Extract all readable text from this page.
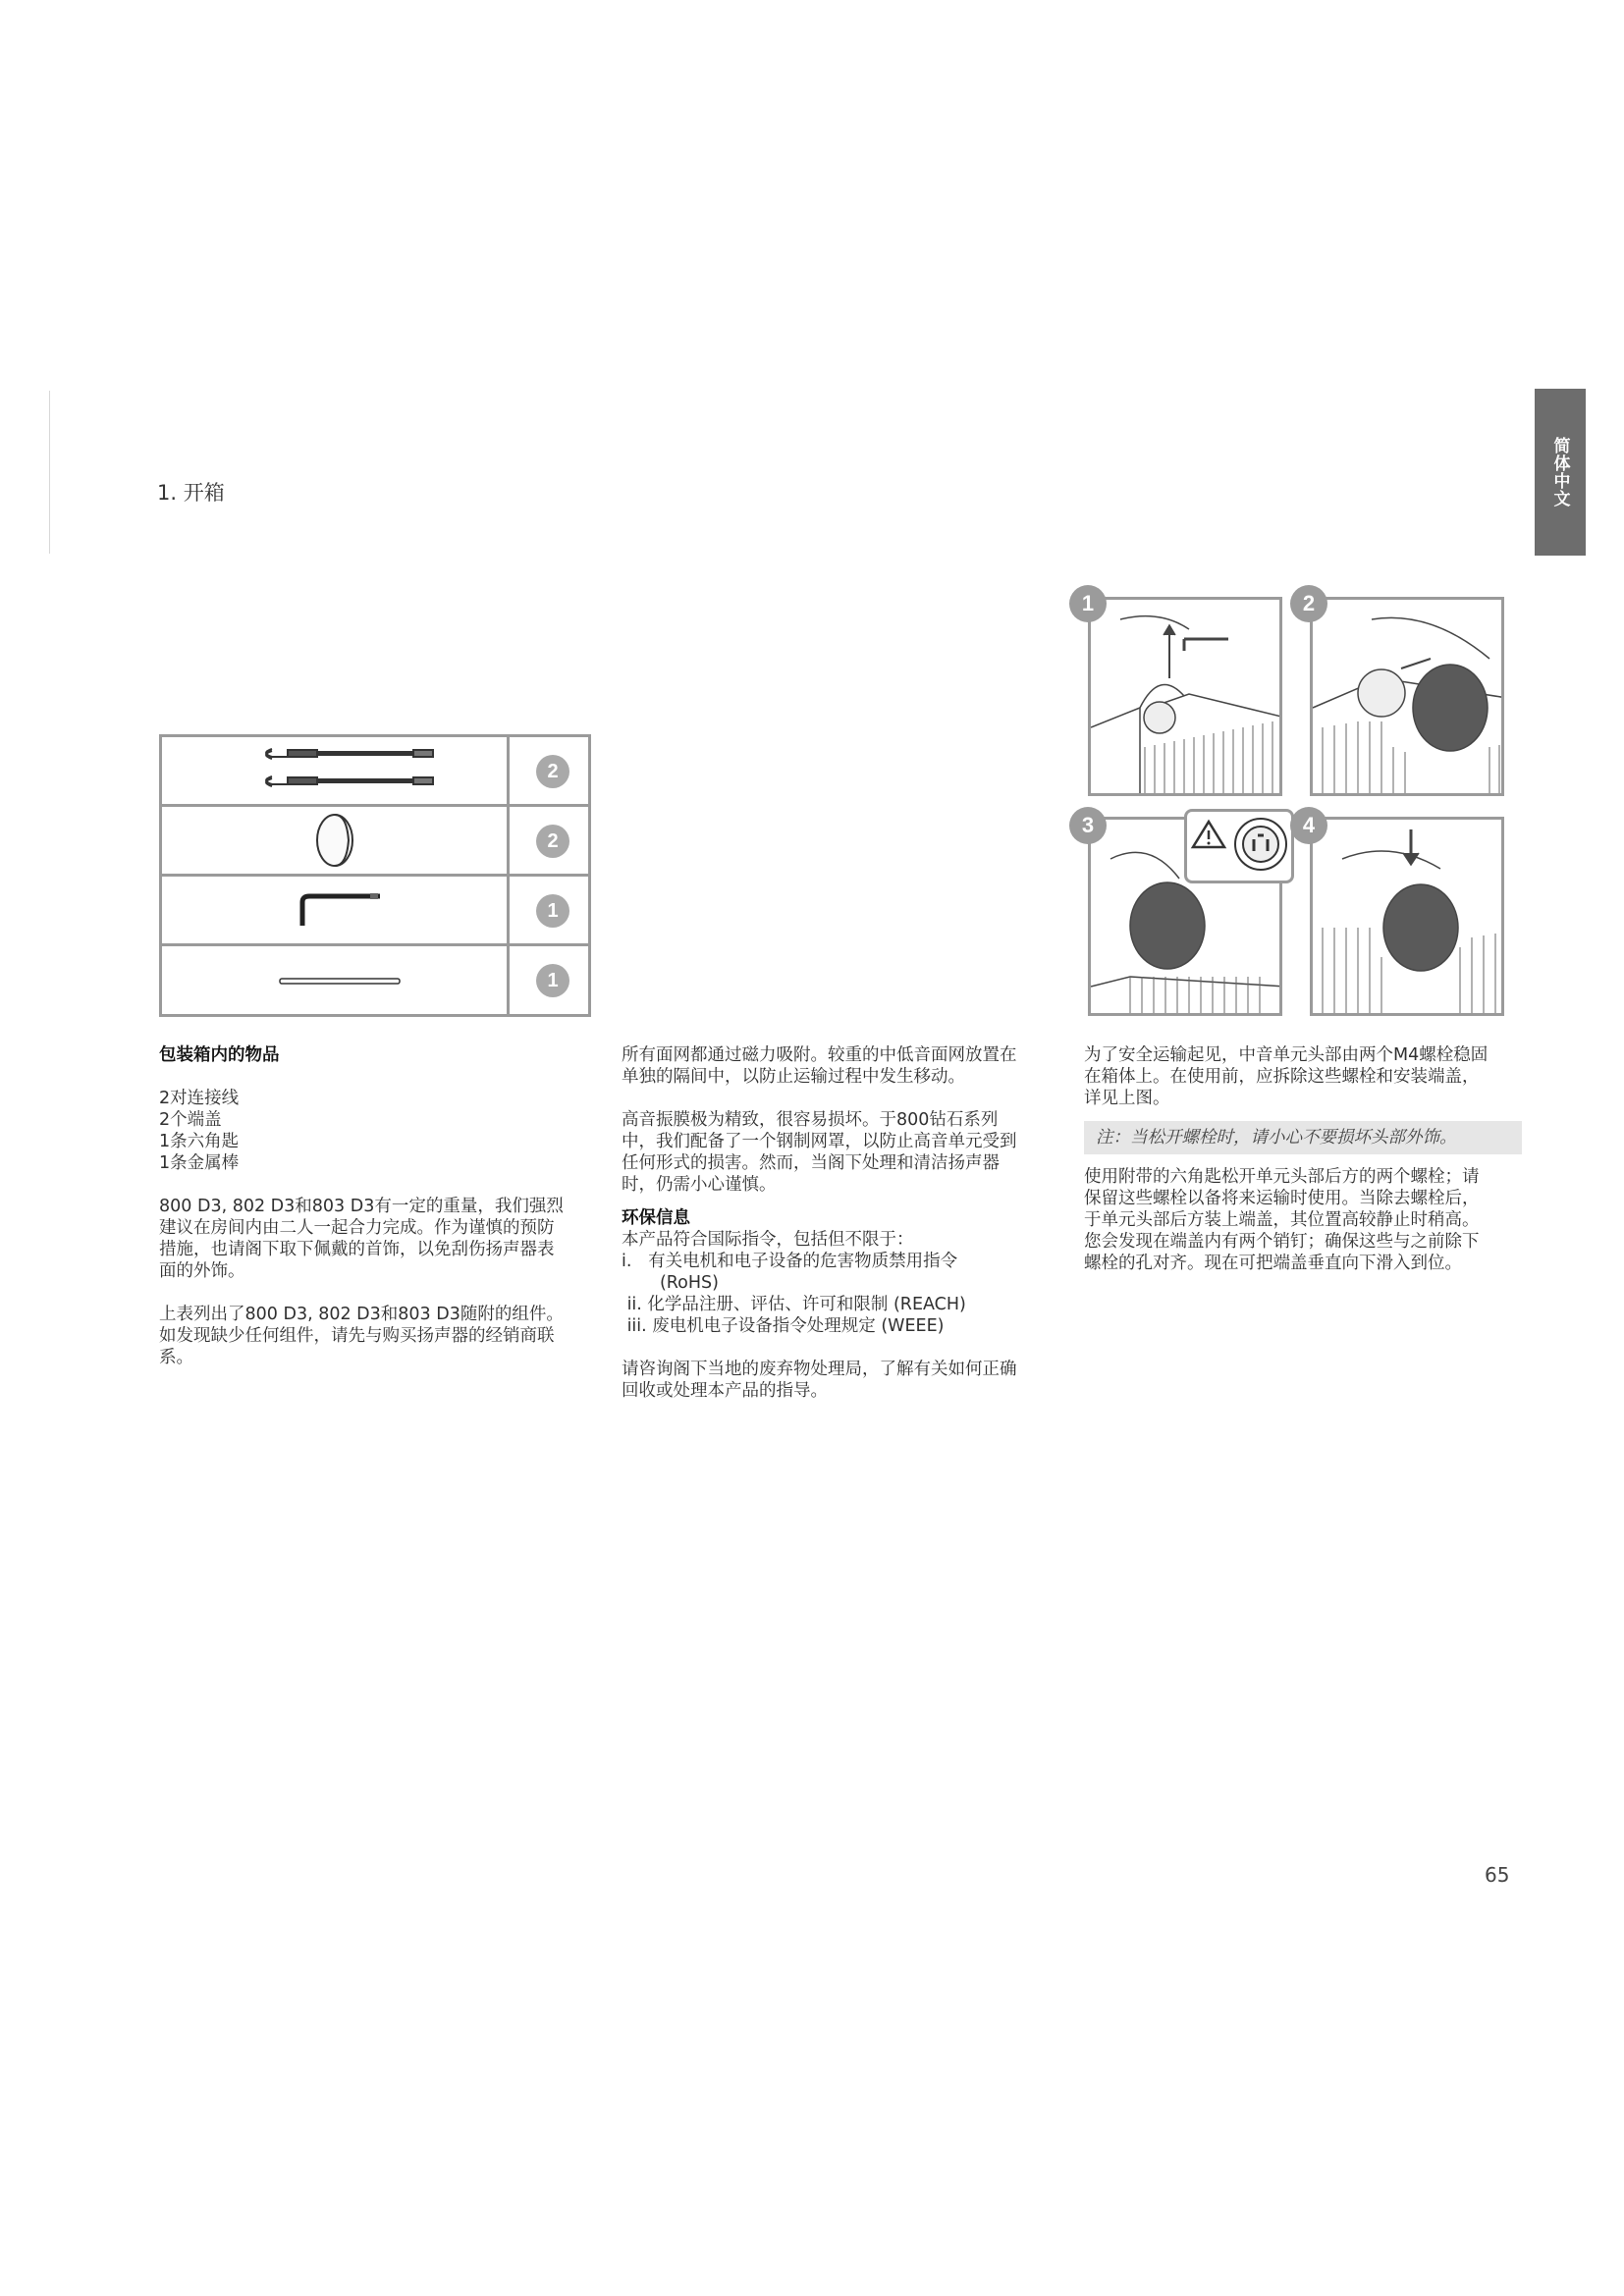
1. 开箱	简体中文
2
2
1
1
1	2
3	4

包装箱内的物品

2对连接线

2个端盖

1条六角匙

1条金属棒

800 D3, 802 D3和803 D3有一定的重量，我们强烈

建议在房间内由二人一起合力完成。作为谨慎的预防

措施，也请阁下取下佩戴的首饰，以免刮伤扬声器表

面的外饰。

上表列出了800 D3, 802 D3和803 D3随附的组件。

如发现缺少任何组件，请先与购买扬声器的经销商联

系。

所有面网都通过磁力吸附。较重的中低音面网放置在

单独的隔间中，以防止运输过程中发生移动。

高音振膜极为精致，很容易损坏。于800钻石系列

中，我们配备了一个钢制网罩，以防止高音单元受到

任何形式的损害。然而，当阁下处理和清洁扬声器

时，仍需小心谨慎。

环保信息

本产品符合国际指令，包括但不限于：

i.   有关电机和电子设备的危害物质禁用指令

(RoHS)

ii. 化学品注册、评估、许可和限制 (REACH)

iii. 废电机电子设备指令处理规定 (WEEE)

请咨询阁下当地的废弃物处理局，了解有关如何正确

回收或处理本产品的指导。

为了安全运输起见，中音单元头部由两个M4螺栓稳固

在箱体上。在使用前，应拆除这些螺栓和安装端盖，

详见上图。

注：当松开螺栓时，请小心不要损坏头部外饰。

使用附带的六角匙松开单元头部后方的两个螺栓；请

保留这些螺栓以备将来运输时使用。当除去螺栓后，

于单元头部后方装上端盖，其位置高较静止时稍高。

您会发现在端盖内有两个销钉；确保这些与之前除下

螺栓的孔对齐。现在可把端盖垂直向下滑入到位。

65
